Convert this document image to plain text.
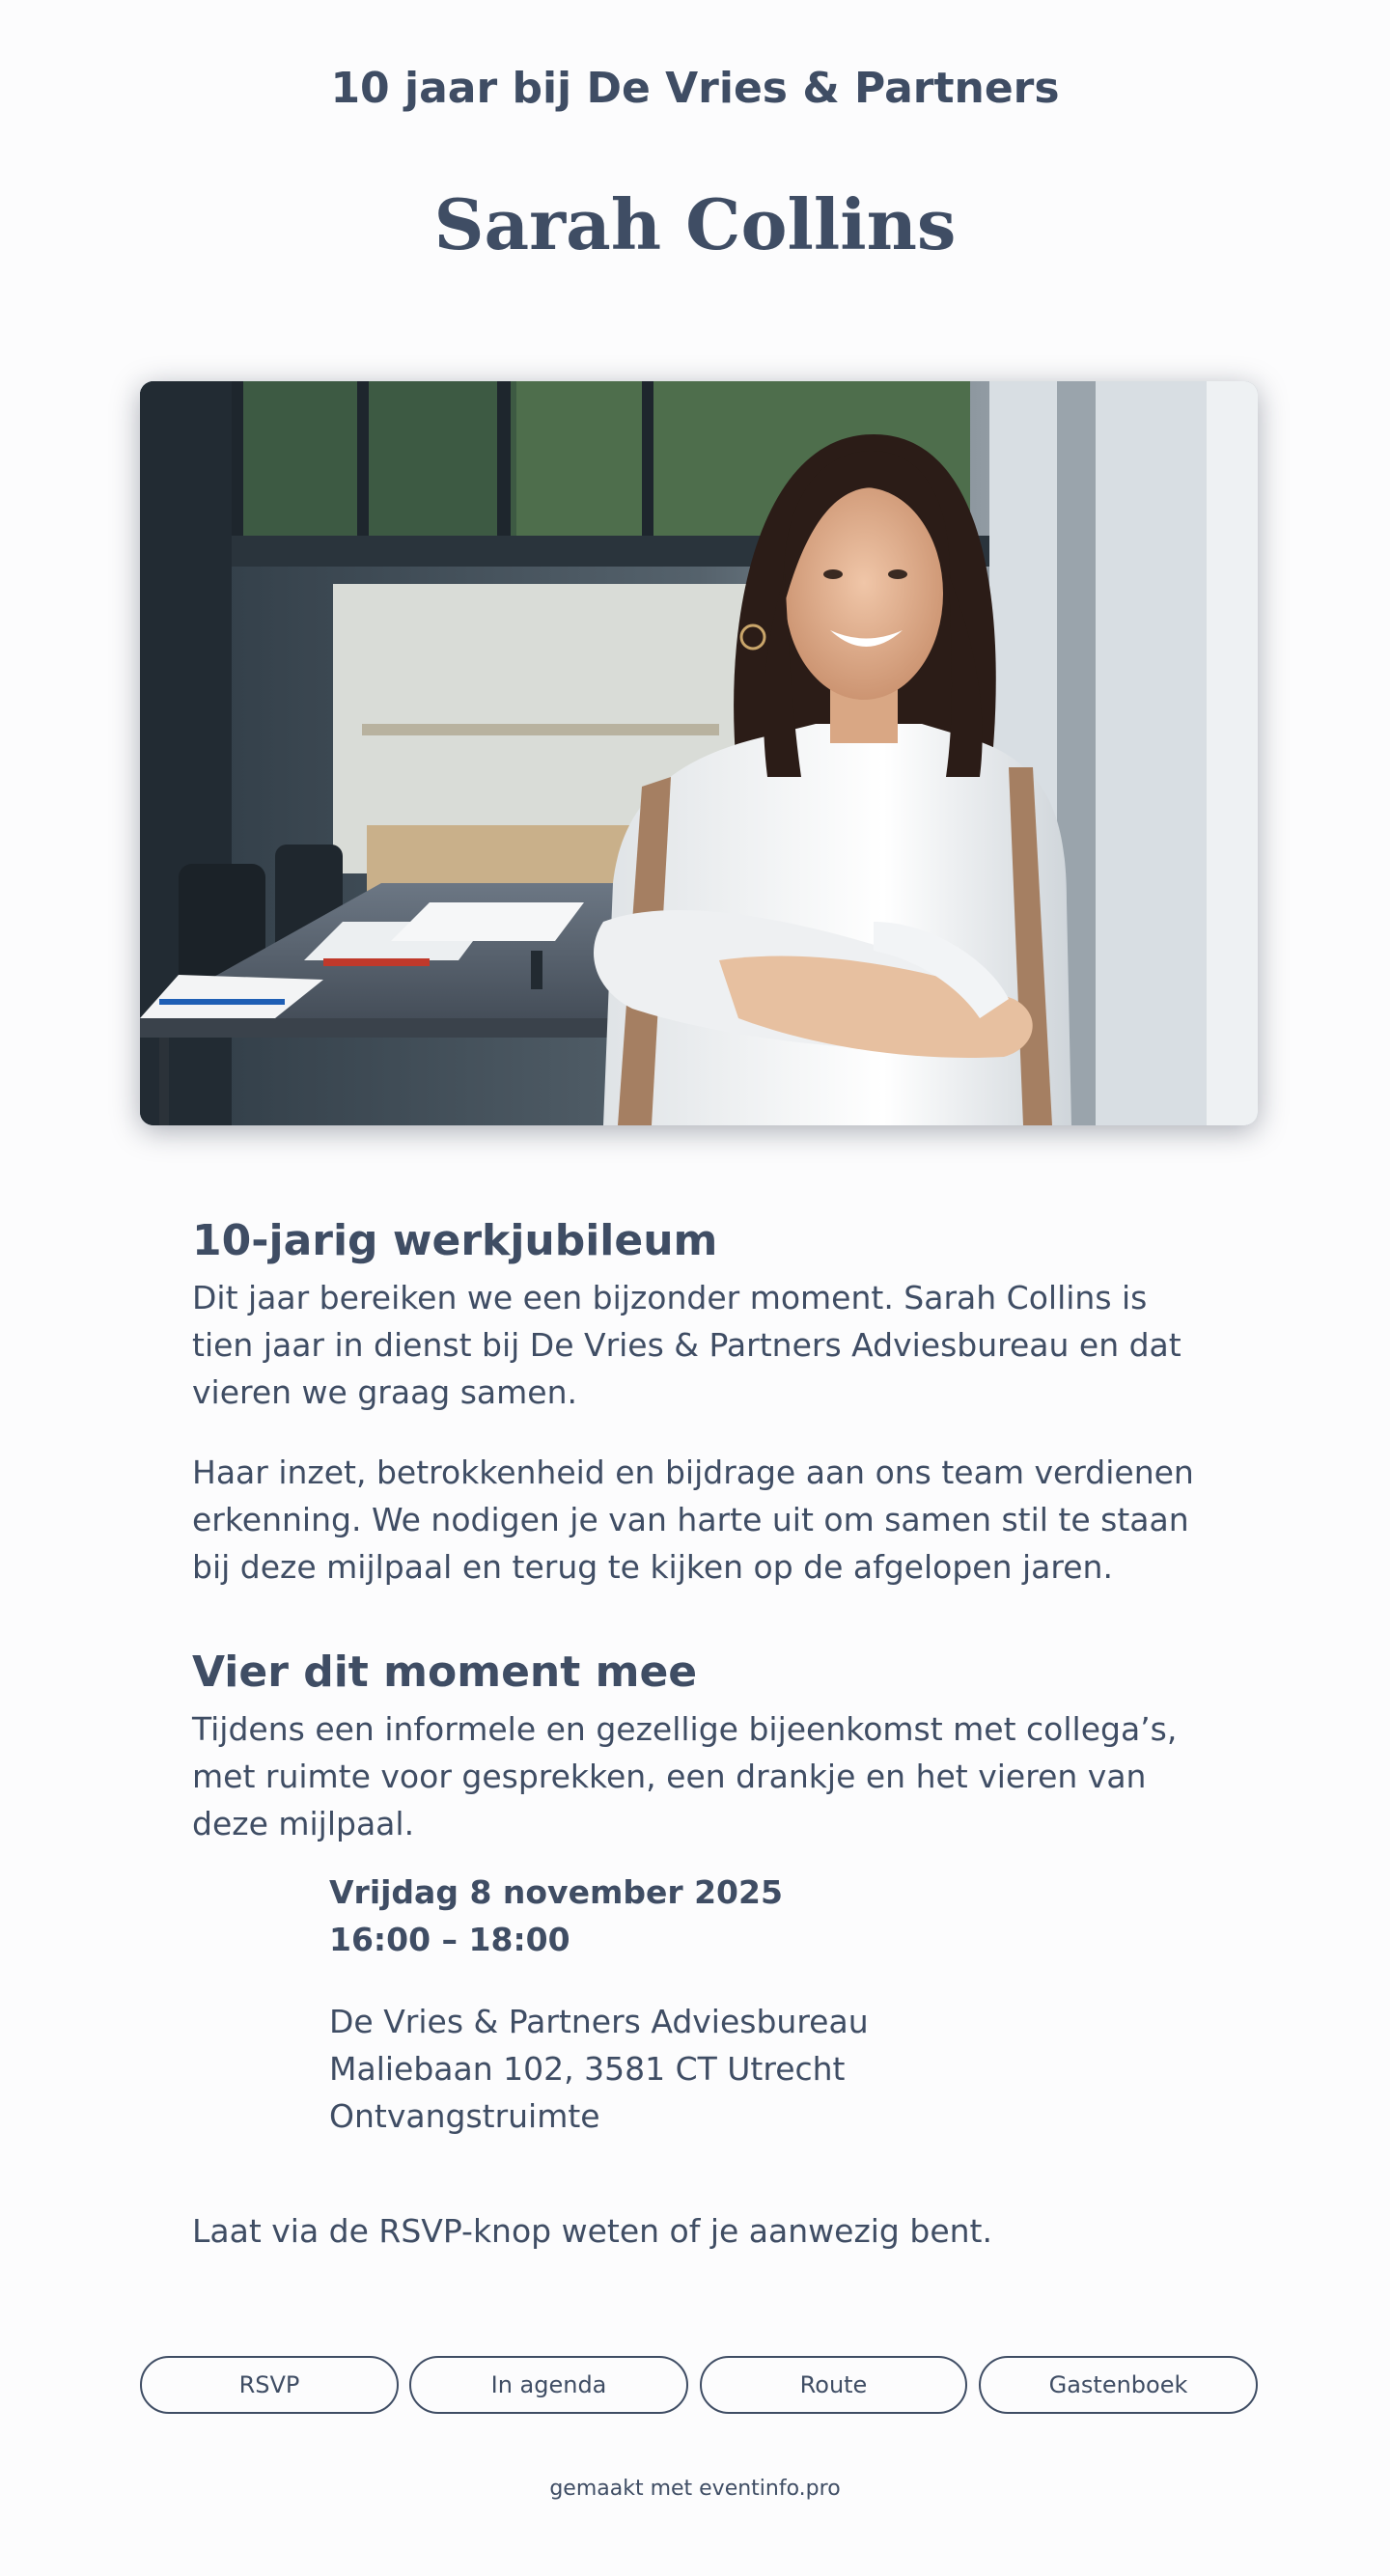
10 jaar bij De Vries & Partners
Sarah Collins
10-jarig werkjubileum

Dit jaar bereiken we een bijzonder moment. Sarah Collins is tien jaar in dienst bij De Vries & Partners Adviesbureau en dat vieren we graag samen.

Haar inzet, betrokkenheid en bijdrage aan ons team verdienen erkenning. We nodigen je van harte uit om samen stil te staan bij deze mijlpaal en terug te kijken op de afgelopen jaren.

Vier dit moment mee

Tijdens een informele en gezellige bijeenkomst met collega’s, met ruimte voor gesprekken, een drankje en het vieren van deze mijlpaal.

Vrijdag 8 november 2025
16:00 – 18:00
De Vries & Partners Adviesbureau
Maliebaan 102, 3581 CT Utrecht
Ontvangstruimte

Laat via de RSVP-knop weten of je aanwezig bent.

RSVP	In agenda	Route	Gastenboek
gemaakt met eventinfo.pro
